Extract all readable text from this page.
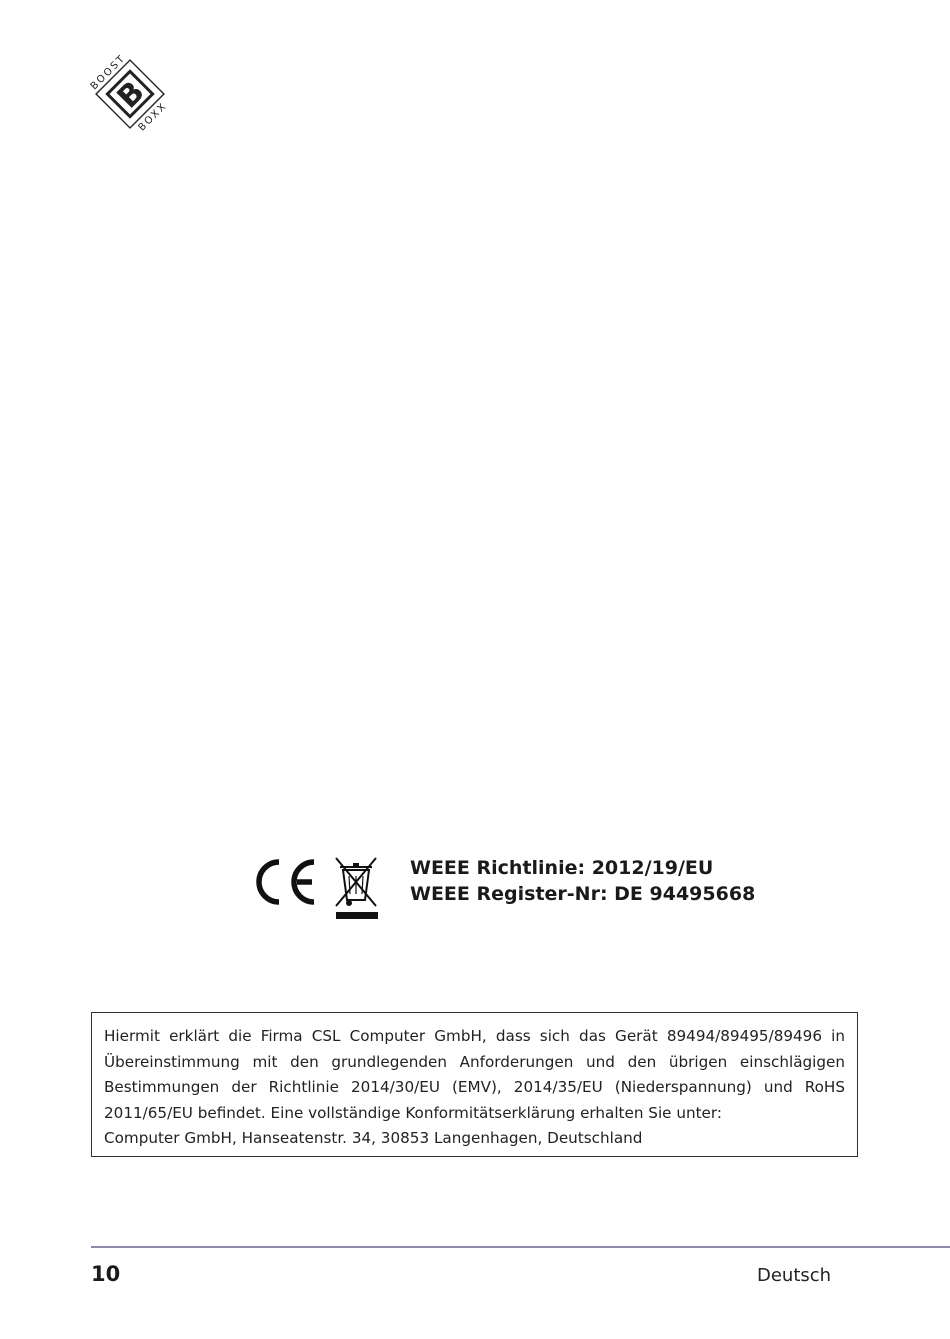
B
BOOST
BOXX
WEEE Richtlinie: 2012/19/EU
WEEE Register-Nr: DE 94495668

Hiermit erklärt die Firma CSL Computer GmbH, dass sich das Gerät 89494/89495/89496 in
Übereinstimmung mit den grundlegenden Anforderungen und den übrigen einschlägigen
Bestimmungen der Richtlinie 2014/30/EU (EMV), 2014/35/EU (Niederspannung) und RoHS
2011/65/EU befindet. Eine vollständige Konformitätserklärung erhalten Sie unter:
Computer GmbH, Hanseatenstr. 34, 30853 Langenhagen, Deutschland

10	Deutsch
